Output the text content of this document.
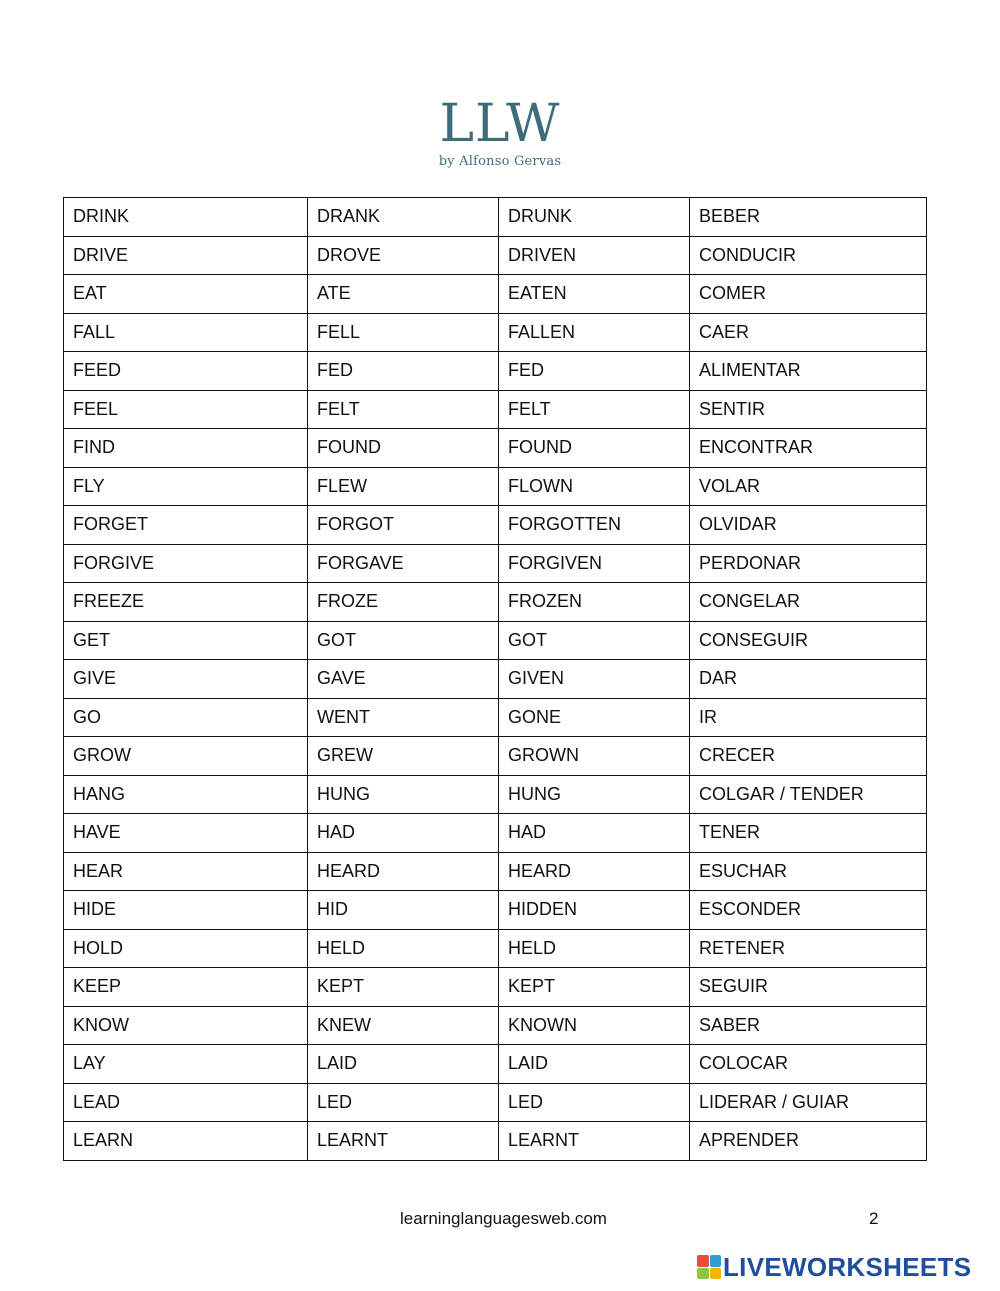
LLW
by Alfonso Gervas
DRINK	DRANK	DRUNK	BEBER
DRIVE	DROVE	DRIVEN	CONDUCIR
EAT	ATE	EATEN	COMER
FALL	FELL	FALLEN	CAER
FEED	FED	FED	ALIMENTAR
FEEL	FELT	FELT	SENTIR
FIND	FOUND	FOUND	ENCONTRAR
FLY	FLEW	FLOWN	VOLAR
FORGET	FORGOT	FORGOTTEN	OLVIDAR
FORGIVE	FORGAVE	FORGIVEN	PERDONAR
FREEZE	FROZE	FROZEN	CONGELAR
GET	GOT	GOT	CONSEGUIR
GIVE	GAVE	GIVEN	DAR
GO	WENT	GONE	IR
GROW	GREW	GROWN	CRECER
HANG	HUNG	HUNG	COLGAR / TENDER
HAVE	HAD	HAD	TENER
HEAR	HEARD	HEARD	ESUCHAR
HIDE	HID	HIDDEN	ESCONDER
HOLD	HELD	HELD	RETENER
KEEP	KEPT	KEPT	SEGUIR
KNOW	KNEW	KNOWN	SABER
LAY	LAID	LAID	COLOCAR
LEAD	LED	LED	LIDERAR / GUIAR
LEARN	LEARNT	LEARNT	APRENDER
learninglanguagesweb.com	2
LIVEWORKSHEETS
